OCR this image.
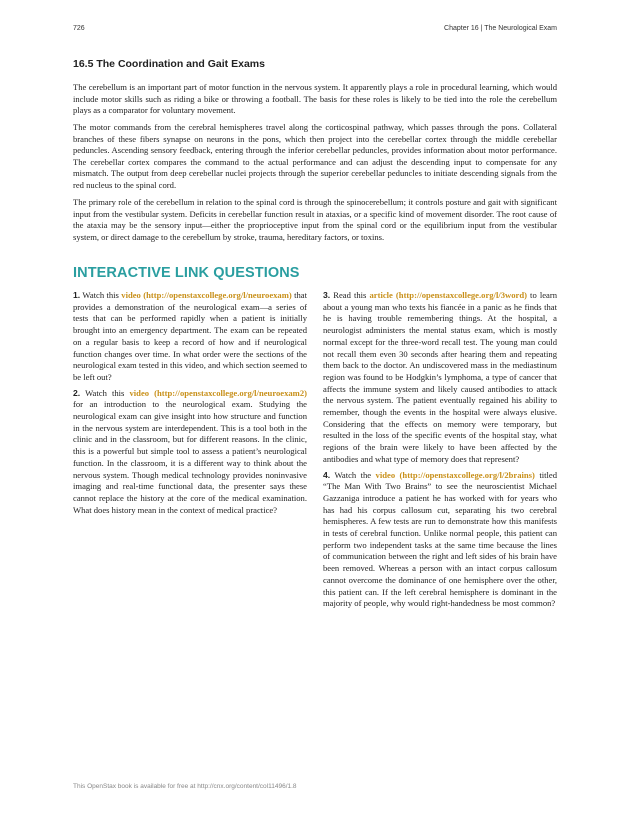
726	Chapter 16 | The Neurological Exam
16.5 The Coordination and Gait Exams

The cerebellum is an important part of motor function in the nervous system. It apparently plays a role in procedural learning, which would include motor skills such as riding a bike or throwing a football. The basis for these roles is likely to be tied into the role the cerebellum plays as a comparator for voluntary movement.

The motor commands from the cerebral hemispheres travel along the corticospinal pathway, which passes through the pons. Collateral branches of these fibers synapse on neurons in the pons, which then project into the cerebellar cortex through the middle cerebellar peduncles. Ascending sensory feedback, entering through the inferior cerebellar peduncles, provides information about motor performance. The cerebellar cortex compares the command to the actual performance and can adjust the descending input to compensate for any mismatch. The output from deep cerebellar nuclei projects through the superior cerebellar peduncles to initiate descending signals from the red nucleus to the spinal cord.

The primary role of the cerebellum in relation to the spinal cord is through the spinocerebellum; it controls posture and gait with significant input from the vestibular system. Deficits in cerebellar function result in ataxias, or a specific kind of movement disorder. The root cause of the ataxia may be the sensory input—either the proprioceptive input from the spinal cord or the equilibrium input from the vestibular system, or direct damage to the cerebellum by stroke, trauma, hereditary factors, or toxins.

INTERACTIVE LINK QUESTIONS

1. Watch this video (http://openstaxcollege.org/l/neuroexam) that provides a demonstration of the neurological exam—a series of tests that can be performed rapidly when a patient is initially brought into an emergency department. The exam can be repeated on a regular basis to keep a record of how and if neurological function changes over time. In what order were the sections of the neurological exam tested in this video, and which section seemed to be left out?

2. Watch this video (http://openstaxcollege.org/l/neuroexam2) for an introduction to the neurological exam. Studying the neurological exam can give insight into how structure and function in the nervous system are interdependent. This is a tool both in the clinic and in the classroom, but for different reasons. In the clinic, this is a powerful but simple tool to assess a patient’s neurological function. In the classroom, it is a different way to think about the nervous system. Though medical technology provides noninvasive imaging and real-time functional data, the presenter says these cannot replace the history at the core of the medical examination. What does history mean in the context of medical practice?

3. Read this article (http://openstaxcollege.org/l/3word) to learn about a young man who texts his fiancée in a panic as he finds that he is having trouble remembering things. At the hospital, a neurologist administers the mental status exam, which is mostly normal except for the three-word recall test. The young man could not recall them even 30 seconds after hearing them and repeating them back to the doctor. An undiscovered mass in the mediastinum region was found to be Hodgkin’s lymphoma, a type of cancer that affects the immune system and likely caused antibodies to attack the nervous system. The patient eventually regained his ability to remember, though the events in the hospital were always elusive. Considering that the effects on memory were temporary, but resulted in the loss of the specific events of the hospital stay, what regions of the brain were likely to have been affected by the antibodies and what type of memory does that represent?

4. Watch the video (http://openstaxcollege.org/l/2brains) titled “The Man With Two Brains” to see the neuroscientist Michael Gazzaniga introduce a patient he has worked with for years who has had his corpus callosum cut, separating his two cerebral hemispheres. A few tests are run to demonstrate how this manifests in tests of cerebral function. Unlike normal people, this patient can perform two independent tasks at the same time because the lines of communication between the right and left sides of his brain have been removed. Whereas a person with an intact corpus callosum cannot overcome the dominance of one hemisphere over the other, this patient can. If the left cerebral hemisphere is dominant in the majority of people, why would right-handedness be most common?

This OpenStax book is available for free at http://cnx.org/content/col11496/1.8
